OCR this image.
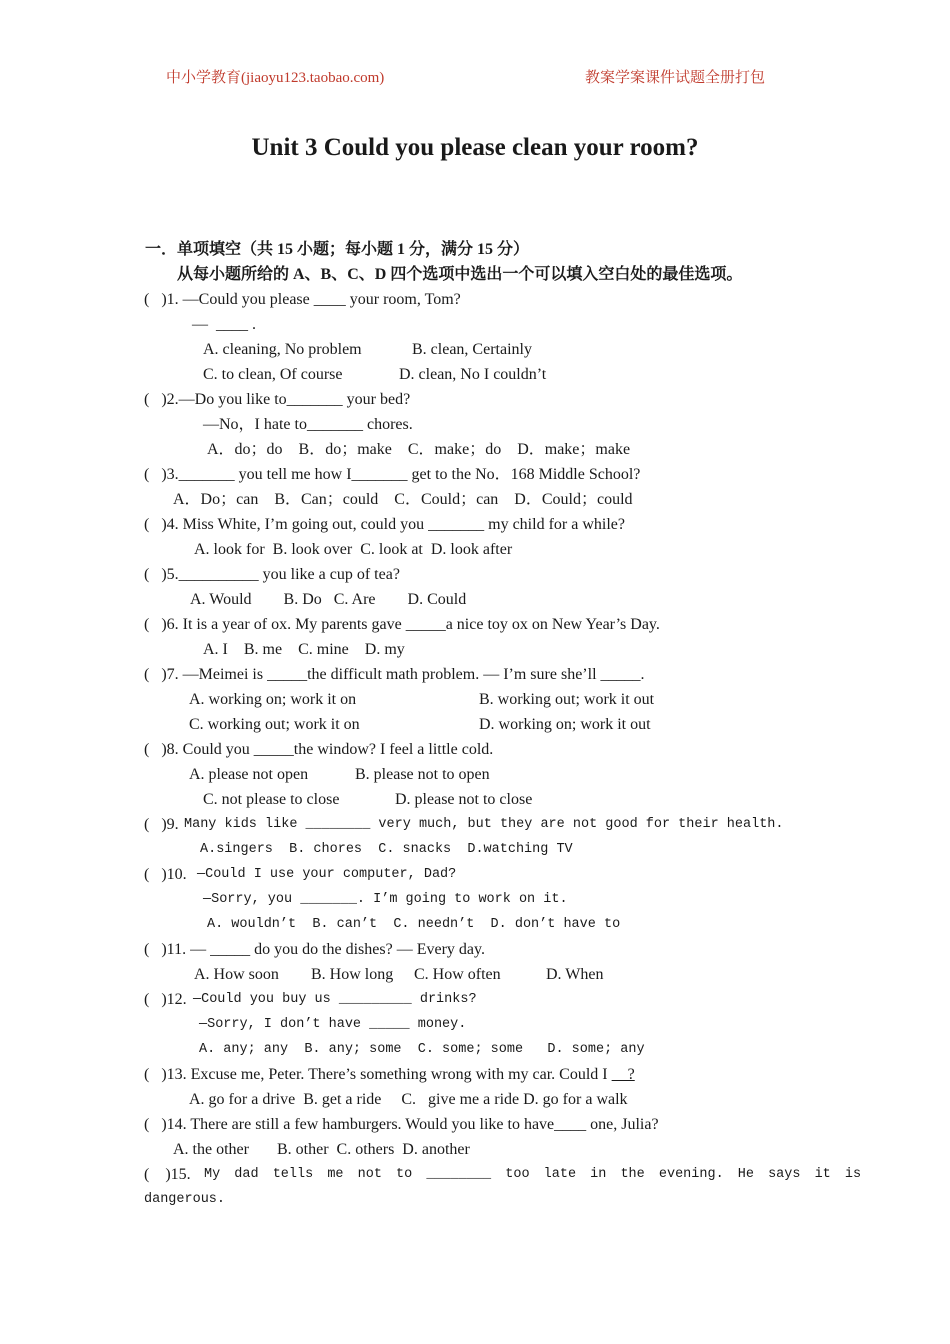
中小学教育(jiaoyu123.taobao.com)	教案学案课件试题全册打包
Unit 3 Could you please clean your room?
一．单项填空（共 15 小题；每小题 1 分，满分 15 分）
从每小题所给的 A、B、C、D 四个选项中选出一个可以填入空白处的最佳选项。
(   )1. —Could you please ____ your room, Tom?
—  ____ .
A. cleaning, No problem	B. clean, Certainly
C. to clean, Of course	D. clean, No I couldn’t
(   )2.—Do you like to_______ your bed?
—No，I hate to_______ chores.
A．do；do    B．do；make    C．make；do    D．make；make
(   )3._______ you tell me how I_______ get to the No．168 Middle School?
A．Do；can    B．Can；could    C．Could；can    D．Could；could
(   )4. Miss White, I’m going out, could you _______ my child for a while?
A. look for  B. look over  C. look at  D. look after
(   )5.__________ you like a cup of tea?
A. Would        B. Do   C. Are        D. Could
(   )6. It is a year of ox. My parents gave _____a nice toy ox on New Year’s Day.
A. I    B. me    C. mine    D. my
(   )7. —Meimei is _____the difficult math problem. — I’m sure she’ll _____.
A. working on; work it on	B. working out; work it out
C. working out; work it on	D. working on; work it out
(   )8. Could you _____the window? I feel a little cold.
A. please not open	B. please not to open
C. not please to close	D. please not to close
(   )9. Many kids like ________ very much, but they are not good for their health.
A.singers  B. chores  C. snacks  D.watching TV
(   )10. —Could I use your computer, Dad?
—Sorry, you _______. I’m going to work on it.
A. wouldn’t  B. can’t  C. needn’t  D. don’t have to
(   )11. — _____ do you do the dishes? — Every day.
A. How soon B. How long C. How often	D. When
(   )12. —Could you buy us _________ drinks?
—Sorry, I don’t have _____ money.
A. any; any  B. any; some  C. some; some   D. some; any
(   )13. Excuse me, Peter. There’s something wrong with my car. Could I     ?
A. go for a drive  B. get a ride     C.   give me a ride D. go for a walk
(   )14. There are still a few hamburgers. Would you like to have____ one, Julia?
A. the other       B. other  C. others  D. another
(    )15. My dad tells me not to ________ too late in the evening. He says it is
dangerous.
